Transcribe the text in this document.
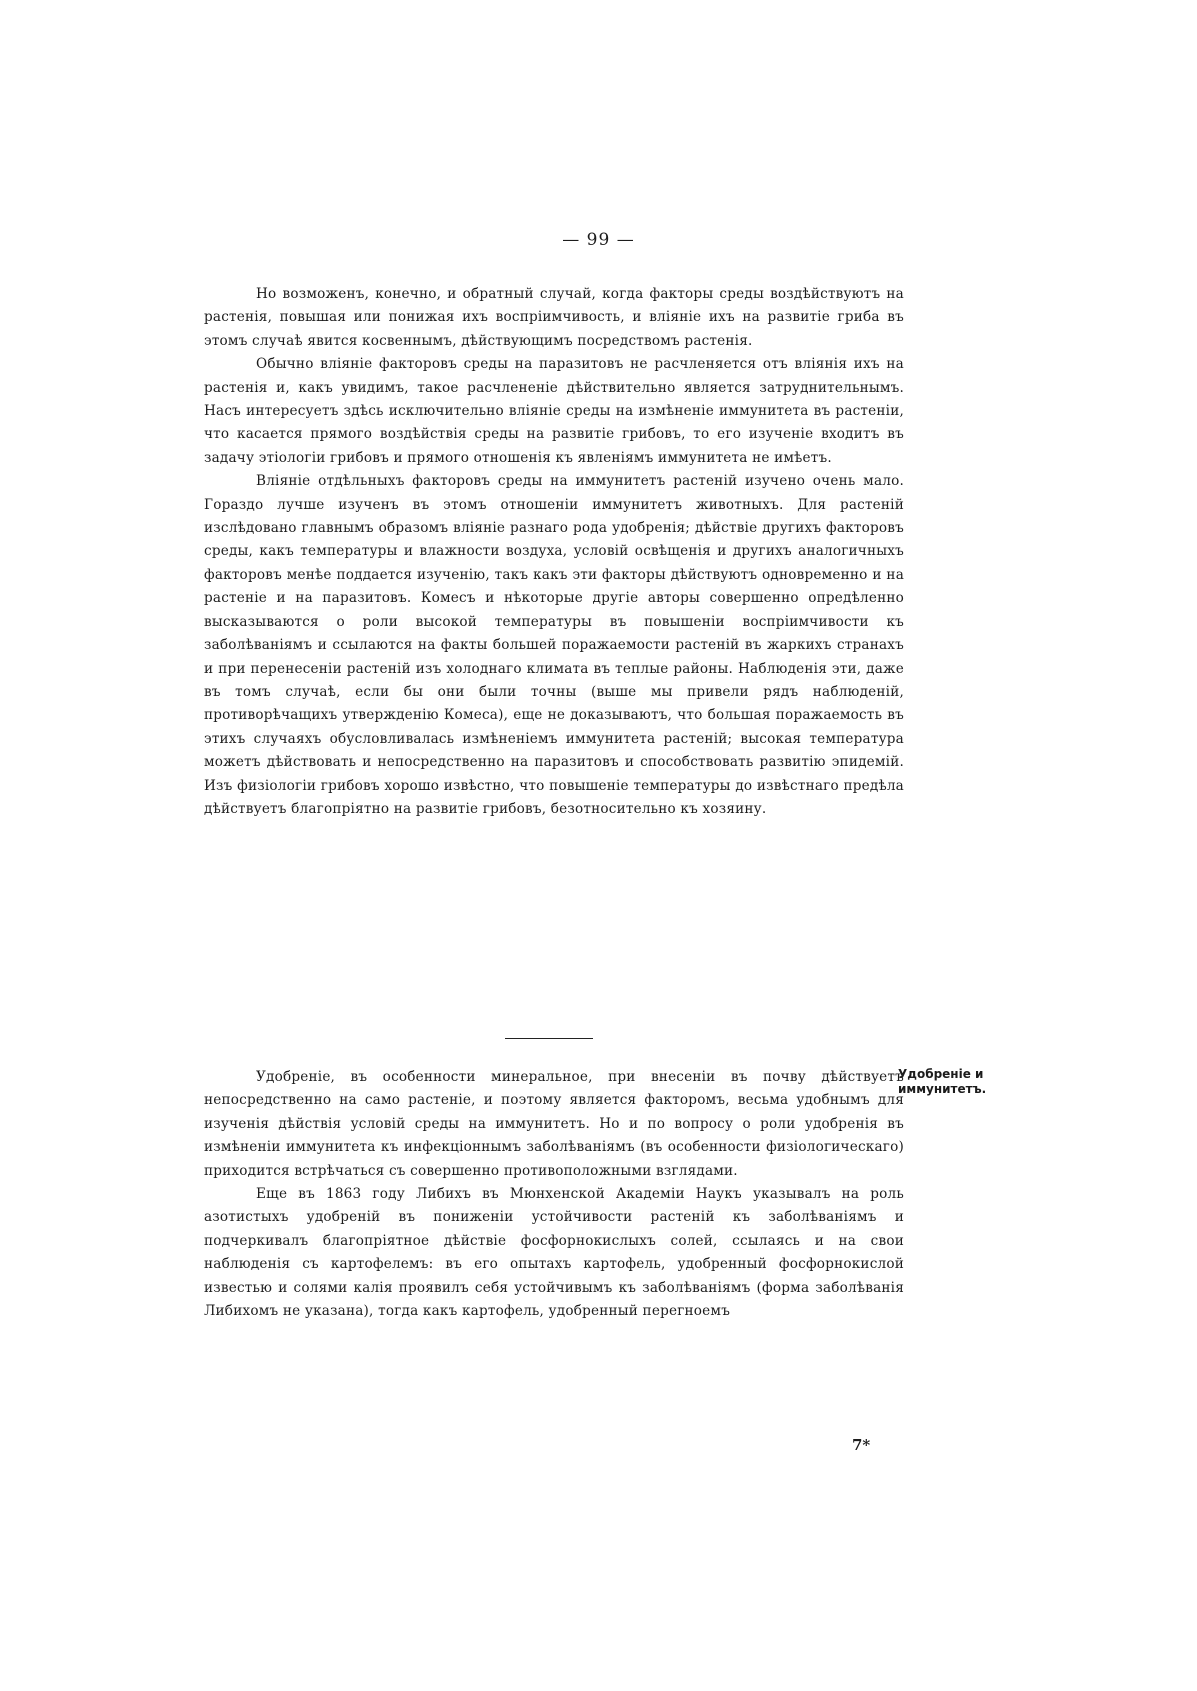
— 99 —

Но возможенъ, конечно, и обратный случай, когда факторы среды воздѣйствуютъ на растенія, повышая или понижая ихъ воспріимчивость, и вліяніе ихъ на развитіе гриба въ этомъ случаѣ явится косвеннымъ, дѣйствующимъ посредствомъ растенія.

Обычно вліяніе факторовъ среды на паразитовъ не расчленяется отъ вліянія ихъ на растенія и, какъ увидимъ, такое расчлененіе дѣйствительно является затруднительнымъ. Насъ интересуетъ здѣсь исключительно вліяніе среды на измѣненіе иммунитета въ растеніи, что касается прямого воздѣйствія среды на развитіе грибовъ, то его изученіе входитъ въ задачу этіологіи грибовъ и прямого отношенія къ явленіямъ иммунитета не имѣетъ.

Вліяніе отдѣльныхъ факторовъ среды на иммунитетъ растеній изучено очень мало. Гораздо лучше изученъ въ этомъ отношеніи иммунитетъ животныхъ. Для растеній изслѣдовано главнымъ образомъ вліяніе разнаго рода удобренія; дѣйствіе другихъ факторовъ среды, какъ температуры и влажности воздуха, условій освѣщенія и другихъ аналогичныхъ факторовъ менѣе поддается изученію, такъ какъ эти факторы дѣйствуютъ одновременно и на растеніе и на паразитовъ. Комесъ и нѣкоторые другіе авторы совершенно опредѣленно высказываются о роли высокой температуры въ повышеніи воспріимчивости къ заболѣваніямъ и ссылаются на факты большей поражаемости растеній въ жаркихъ странахъ и при перенесеніи растеній изъ холоднаго климата въ теплые районы. Наблюденія эти, даже въ томъ случаѣ, если бы они были точны (выше мы привели рядъ наблюденій, противорѣчащихъ утвержденію Комеса), еще не доказываютъ, что большая поражаемость въ этихъ случаяхъ обусловливалась измѣненіемъ иммунитета растеній; высокая температура можетъ дѣйствовать и непосредственно на паразитовъ и способствовать развитію эпидемій. Изъ физіологіи грибовъ хорошо извѣстно, что повышеніе температуры до извѣстнаго предѣла дѣйствуетъ благопріятно на развитіе грибовъ, безотносительно къ хозяину.

Удобреніе и
иммунитетъ.

Удобреніе, въ особенности минеральное, при внесеніи въ почву дѣйствуетъ непосредственно на само растеніе, и поэтому является факторомъ, весьма удобнымъ для изученія дѣйствія условій среды на иммунитетъ. Но и по вопросу о роли удобренія въ измѣненіи иммунитета къ инфекціоннымъ заболѣваніямъ (въ особенности физіологическаго) приходится встрѣчаться съ совершенно противоположными взглядами.

Еще въ 1863 году Либихъ въ Мюнхенской Академіи Наукъ указывалъ на роль азотистыхъ удобреній въ пониженіи устойчивости растеній къ заболѣваніямъ и подчеркивалъ благопріятное дѣйствіе фосфорнокислыхъ солей, ссылаясь и на свои наблюденія съ картофелемъ: въ его опытахъ картофель, удобренный фосфорнокислой известью и солями калія проявилъ себя устойчивымъ къ заболѣваніямъ (форма заболѣванія Либихомъ не указана), тогда какъ картофель, удобренный перегноемъ

7*
